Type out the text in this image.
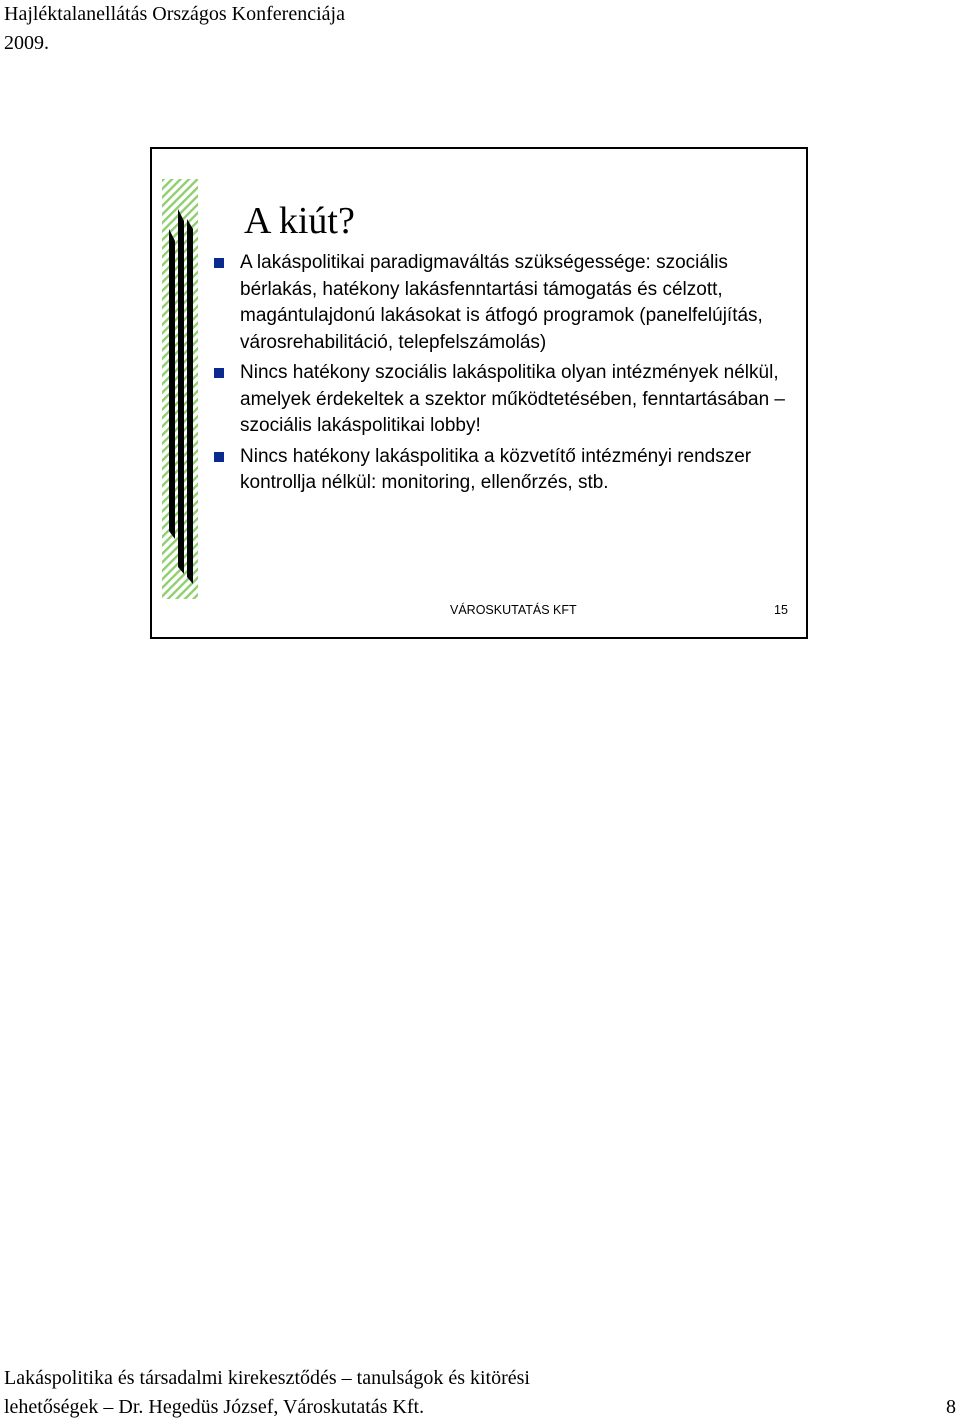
Hajléktalanellátás Országos Konferenciája
2009.
A kiút?
A lakáspolitikai paradigmaváltás szükségessége: szociális bérlakás, hatékony lakásfenntartási támogatás és célzott, magántulajdonú lakásokat is átfogó programok (panelfelújítás, városrehabilitáció, telepfelszámolás)
Nincs hatékony szociális lakáspolitika olyan intézmények nélkül, amelyek érdekeltek a szektor működtetésében, fenntartásában – szociális lakáspolitikai lobby!
Nincs hatékony lakáspolitika a közvetítő intézményi rendszer kontrollja nélkül: monitoring, ellenőrzés, stb.
VÁROSKUTATÁS KFT	15
Lakáspolitika és társadalmi kirekesztődés – tanulságok és kitörési
lehetőségek – Dr. Hegedüs József, Városkutatás Kft.	8
